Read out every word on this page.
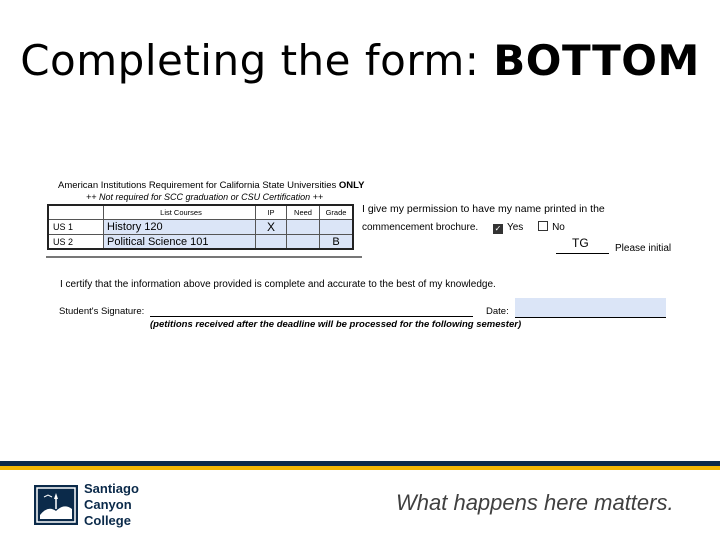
Completing the form: BOTTOM
American Institutions Requirement for California State Universities ONLY
++ Not required for SCC graduation or CSU Certification ++
	List Courses	IP	Need	Grade
US 1	History 120	X		
US 2	Political Science 101			B
I give my permission to have my name printed in the
commencement brochure. ✓ Yes	No
TG	Please initial
I certify that the information above provided is complete and accurate to the best of my knowledge.
Student's Signature:	Date:
(petitions received after the deadline will be processed for the following semester)
Santiago
Canyon
College
What happens here matters.
